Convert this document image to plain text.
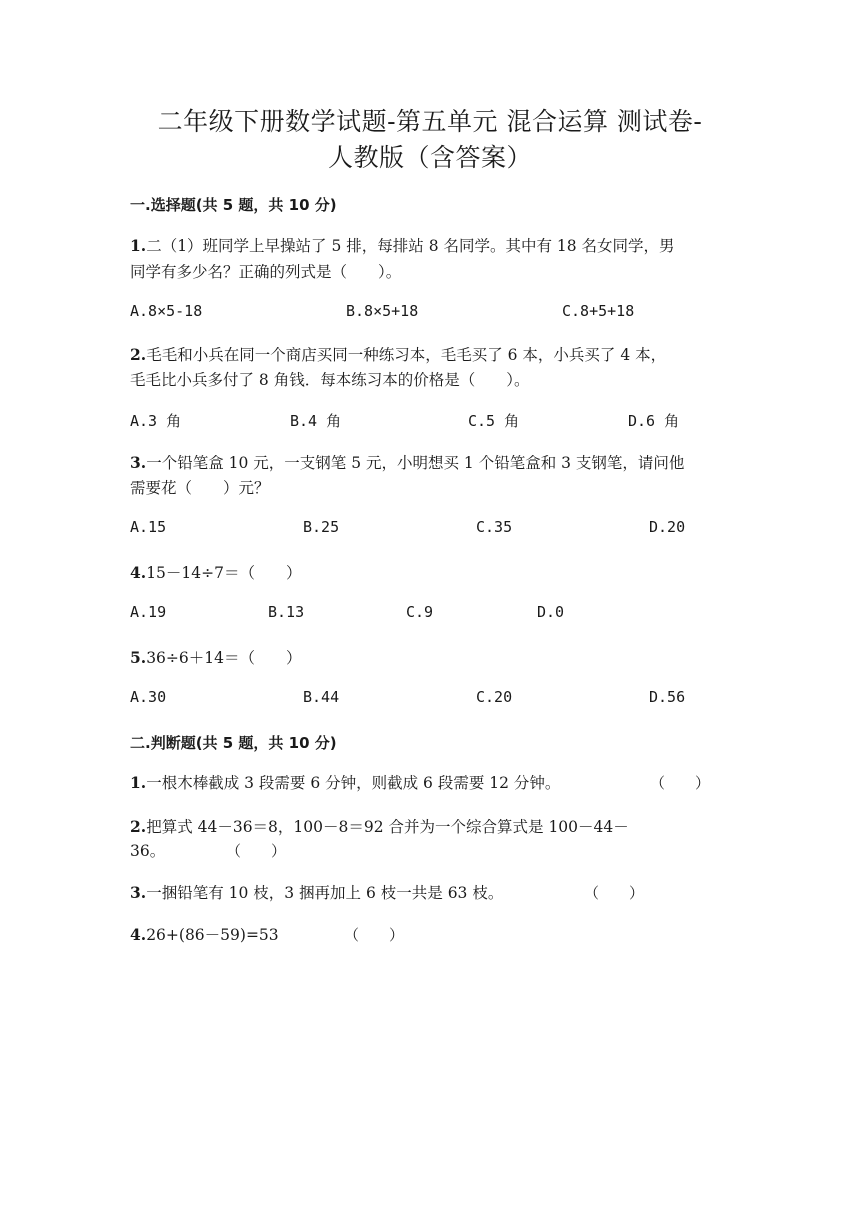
二年级下册数学试题-第五单元 混合运算 测试卷-
人教版（含答案）
一.选择题(共 5 题，共 10 分)
1.二（1）班同学上早操站了 5 排，每排站 8 名同学。其中有 18 名女同学，男
同学有多少名？正确的列式是（　　）。
A.8×5-18	B.8×5+18	C.8+5+18
2.毛毛和小兵在同一个商店买同一种练习本，毛毛买了 6 本，小兵买了 4 本，
毛毛比小兵多付了 8 角钱．每本练习本的价格是（　　）。
A.3 角	B.4 角	C.5 角	D.6 角
3.一个铅笔盒 10 元，一支钢笔 5 元，小明想买 1 个铅笔盒和 3 支钢笔，请问他
需要花（　　）元？
A.15	B.25	C.35	D.20
4.15－14÷7＝（　　）
A.19	B.13	C.9	D.0
5.36÷6＋14＝（　　）
A.30	B.44	C.20	D.56
二.判断题(共 5 题，共 10 分)
1.一根木棒截成 3 段需要 6 分钟，则截成 6 段需要 12 分钟。	（　　）
2.把算式 44－36＝8，100－8＝92 合并为一个综合算式是 100－44－
36。	（　　）
3.一捆铅笔有 10 枝，3 捆再加上 6 枝一共是 63 枝。	（　　）
4.26+(86－59)=53	（　　）
